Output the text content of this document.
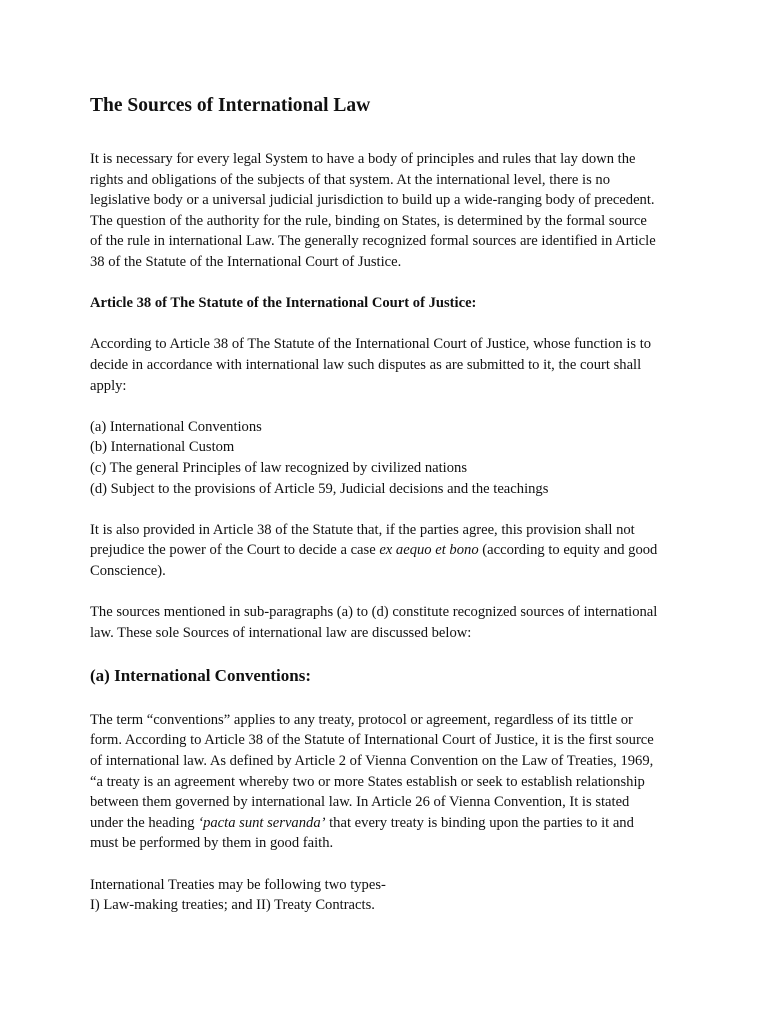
The Sources of International Law

It is necessary for every legal System to have a body of principles and rules that lay down the
rights and obligations of the subjects of that system. At the international level, there is no
legislative body or a universal judicial jurisdiction to build up a wide-ranging body of precedent.
The question of the authority for the rule, binding on States, is determined by the formal source
of the rule in international Law. The generally recognized formal sources are identified in Article
38 of the Statute of the International Court of Justice.

Article 38 of The Statute of the International Court of Justice:

According to Article 38 of The Statute of the International Court of Justice, whose function is to
decide in accordance with international law such disputes as are submitted to it, the court shall
apply:

(a) International Conventions
(b) International Custom
(c) The general Principles of law recognized by civilized nations
(d) Subject to the provisions of Article 59, Judicial decisions and the teachings

It is also provided in Article 38 of the Statute that, if the parties agree, this provision shall not
prejudice the power of the Court to decide a case ex aequo et bono (according to equity and good
Conscience).

The sources mentioned in sub-paragraphs (a) to (d) constitute recognized sources of international
law. These sole Sources of international law are discussed below:

(a) International Conventions:

The term “conventions” applies to any treaty, protocol or agreement, regardless of its tittle or
form. According to Article 38 of the Statute of International Court of Justice, it is the first source
of international law. As defined by Article 2 of Vienna Convention on the Law of Treaties, 1969,
“a treaty is an agreement whereby two or more States establish or seek to establish relationship
between them governed by international law. In Article 26 of Vienna Convention, It is stated
under the heading ‘pacta sunt servanda’ that every treaty is binding upon the parties to it and
must be performed by them in good faith.

International Treaties may be following two types-
I) Law-making treaties; and II) Treaty Contracts.
